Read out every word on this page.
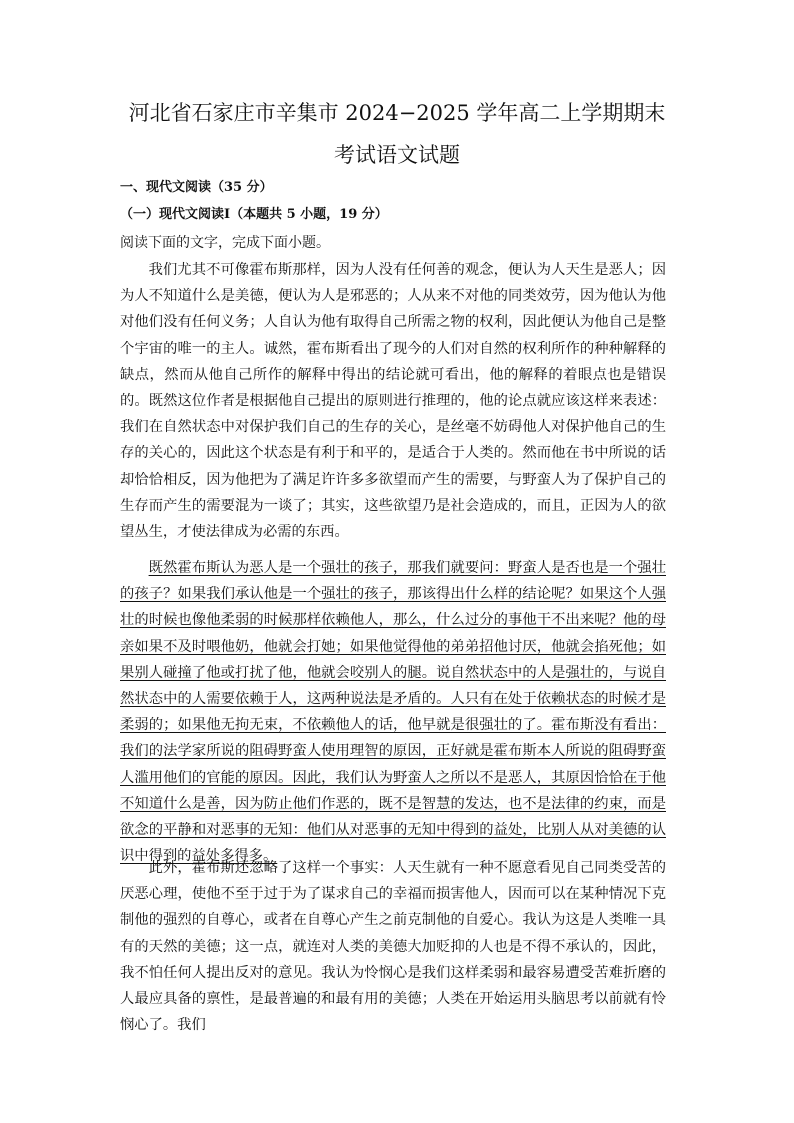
河北省石家庄市辛集市 2024−2025 学年高二上学期期末
考试语文试题
一、现代文阅读（35 分）
（一）现代文阅读Ⅰ（本题共 5 小题，19 分）
阅读下面的文字，完成下面小题。

我们尤其不可像霍布斯那样，因为人没有任何善的观念，便认为人天生是恶人；因为人不知道什么是美德，便认为人是邪恶的；人从来不对他的同类效劳，因为他认为他对他们没有任何义务；人自认为他有取得自己所需之物的权利，因此便认为他自己是整个宇宙的唯一的主人。诚然，霍布斯看出了现今的人们对自然的权利所作的种种解释的缺点，然而从他自己所作的解释中得出的结论就可看出，他的解释的着眼点也是错误的。既然这位作者是根据他自己提出的原则进行推理的，他的论点就应该这样来表述：我们在自然状态中对保护我们自己的生存的关心，是丝毫不妨碍他人对保护他自己的生存的关心的，因此这个状态是有利于和平的，是适合于人类的。然而他在书中所说的话却恰恰相反，因为他把为了满足许许多多欲望而产生的需要，与野蛮人为了保护自己的生存而产生的需要混为一谈了；其实，这些欲望乃是社会造成的，而且，正因为人的欲望丛生，才使法律成为必需的东西。

既然霍布斯认为恶人是一个强壮的孩子，那我们就要问：野蛮人是否也是一个强壮的孩子？如果我们承认他是一个强壮的孩子，那该得出什么样的结论呢？如果这个人强壮的时候也像他柔弱的时候那样依赖他人，那么，什么过分的事他干不出来呢？他的母亲如果不及时喂他奶，他就会打她；如果他觉得他的弟弟招他讨厌，他就会掐死他；如果别人碰撞了他或打扰了他，他就会咬别人的腿。说自然状态中的人是强壮的，与说自然状态中的人需要依赖于人，这两种说法是矛盾的。人只有在处于依赖状态的时候才是柔弱的；如果他无拘无束，不依赖他人的话，他早就是很强壮的了。霍布斯没有看出：我们的法学家所说的阻碍野蛮人使用理智的原因，正好就是霍布斯本人所说的阻碍野蛮人滥用他们的官能的原因。因此，我们认为野蛮人之所以不是恶人，其原因恰恰在于他不知道什么是善，因为防止他们作恶的，既不是智慧的发达，也不是法律的约束，而是欲念的平静和对恶事的无知：他们从对恶事的无知中得到的益处，比别人从对美德的认识中得到的益处多得多。

此外，霍布斯还忽略了这样一个事实：人天生就有一种不愿意看见自己同类受苦的厌恶心理，使他不至于过于为了谋求自己的幸福而损害他人，因而可以在某种情况下克制他的强烈的自尊心，或者在自尊心产生之前克制他的自爱心。我认为这是人类唯一具有的天然的美德；这一点，就连对人类的美德大加贬抑的人也是不得不承认的，因此，我不怕任何人提出反对的意见。我认为怜悯心是我们这样柔弱和最容易遭受苦难折磨的人最应具备的禀性，是最普遍的和最有用的美德；人类在开始运用头脑思考以前就有怜悯心了。我们
